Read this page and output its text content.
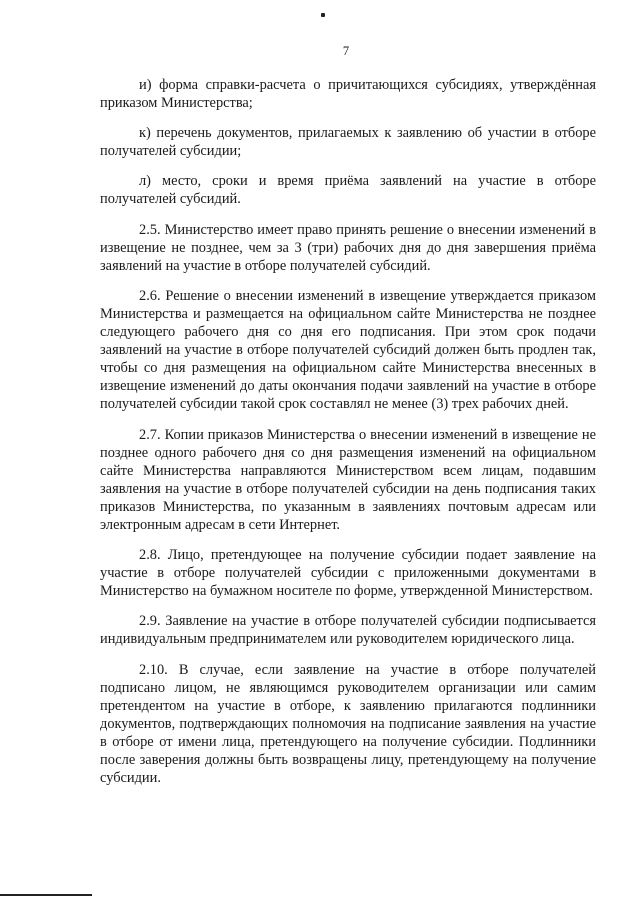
7

и) форма справки-расчета о причитающихся субсидиях, утверждённая приказом Министерства;

к) перечень документов, прилагаемых к заявлению об участии в отборе получателей субсидии;

л) место, сроки и время приёма заявлений на участие в отборе получателей субсидий.

2.5. Министерство имеет право принять решение о внесении изменений в извещение не позднее, чем за 3 (три) рабочих дня до дня завершения приёма заявлений на участие в отборе получателей субсидий.

2.6. Решение о внесении изменений в извещение утверждается приказом Министерства и размещается на официальном сайте Министерства не позднее следующего рабочего дня со дня его подписания. При этом срок подачи заявлений на участие в отборе получателей субсидий должен быть продлен так, чтобы со дня размещения на официальном сайте Министерства внесенных в извещение изменений до даты окончания подачи заявлений на участие в отборе получателей субсидии такой срок составлял не менее (3) трех рабочих дней.

2.7. Копии приказов Министерства о внесении изменений в извещение не позднее одного рабочего дня со дня размещения изменений на официальном сайте Министерства направляются Министерством всем лицам, подавшим заявления на участие в отборе получателей субсидии на день подписания таких приказов Министерства, по указанным в заявлениях почтовым адресам или электронным адресам в сети Интернет.

2.8. Лицо, претендующее на получение субсидии подает заявление на участие в отборе получателей субсидии с приложенными документами в Министерство на бумажном носителе по форме, утвержденной Министерством.

2.9. Заявление на участие в отборе получателей субсидии подписывается индивидуальным предпринимателем или руководителем юридического лица.

2.10. В случае, если заявление на участие в отборе получателей подписано лицом, не являющимся руководителем организации или самим претендентом на участие в отборе, к заявлению прилагаются подлинники документов, подтверждающих полномочия на подписание заявления на участие в отборе от имени лица, претендующего на получение субсидии. Подлинники после заверения должны быть возвращены лицу, претендующему на получение субсидии.
